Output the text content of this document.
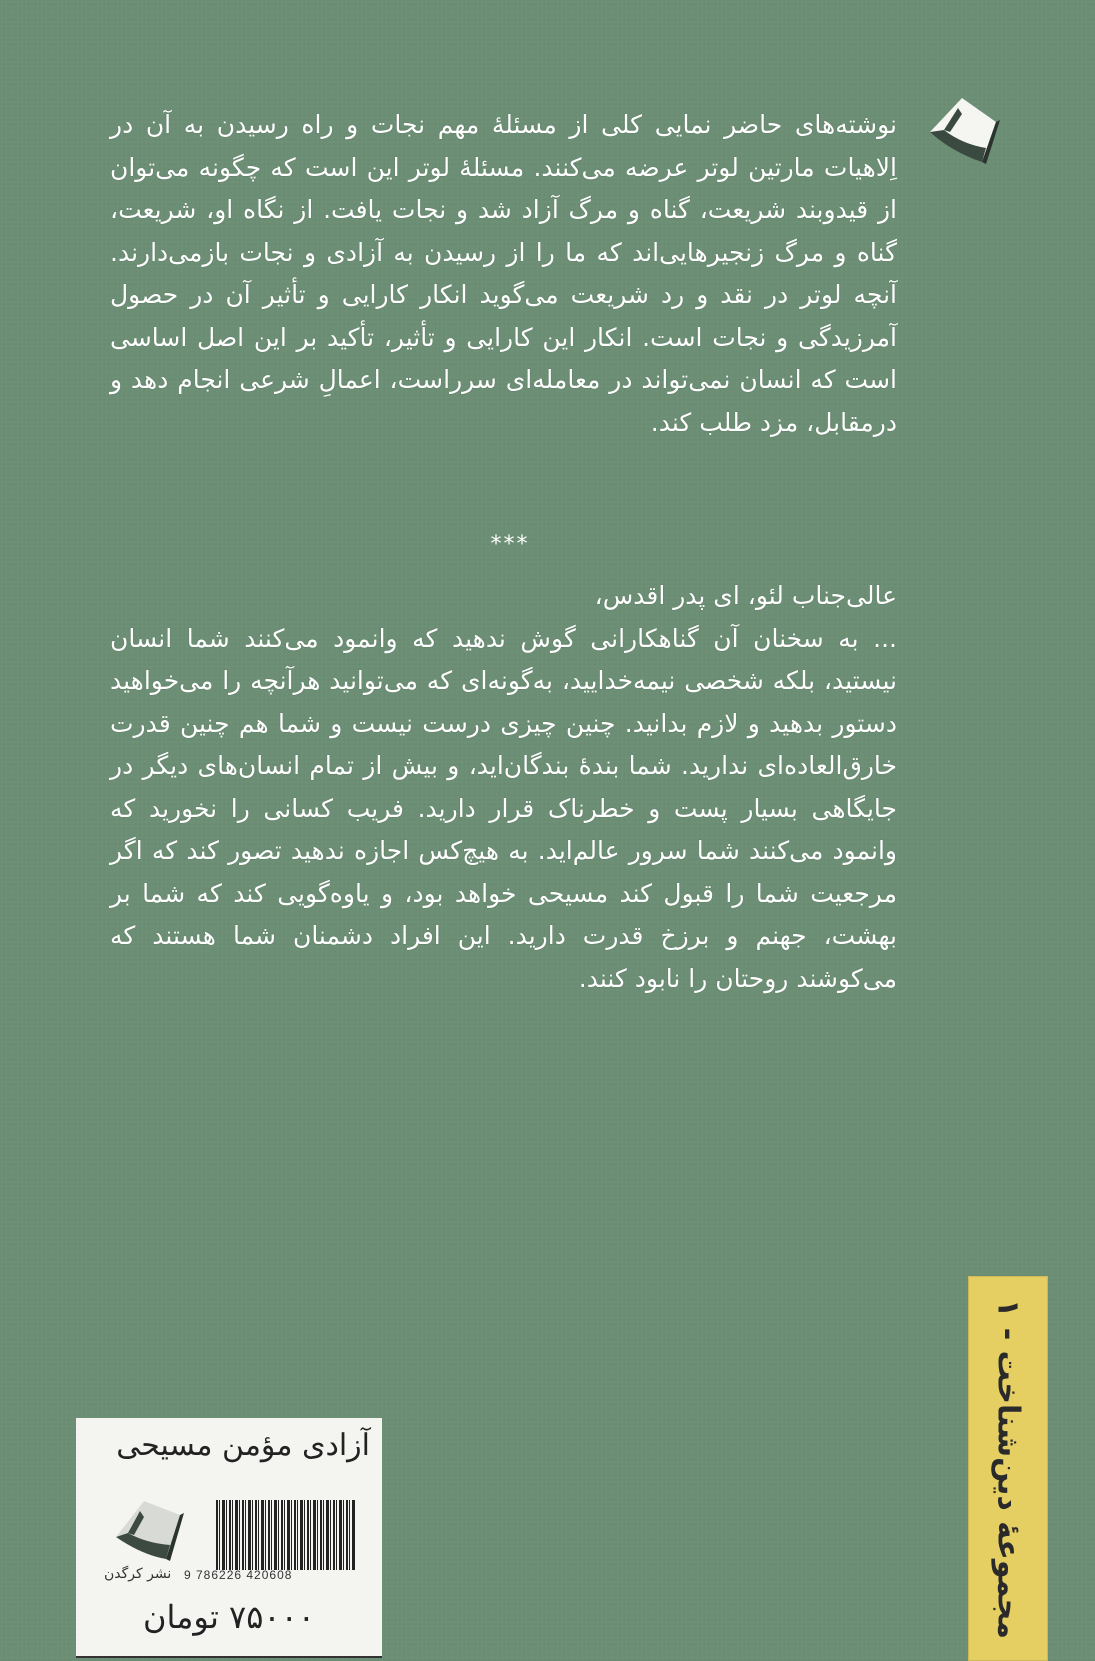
نوشته‌های حاضر نمایی کلی از مسئلهٔ مهم نجات و راه رسیدن به آن در اِلاهیات مارتین لوتر عرضه می‌کنند. مسئلهٔ لوتر این است که چگونه می‌توان از قیدوبند شریعت، گناه و مرگ آزاد شد و نجات یافت. از نگاه او، شریعت، گناه و مرگ زنجیرهایی‌اند که ما را از رسیدن به آزادی و نجات بازمی‌دارند. آنچه لوتر در نقد و رد شریعت می‌گوید انکار کارایی و تأثیر آن در حصول آمرزیدگی و نجات است. انکار این کارایی و تأثیر، تأکید بر این اصل اساسی است که انسان نمی‌تواند در معامله‌ای سرراست، اعمالِ شرعی انجام دهد و درمقابل، مزد طلب کند.

***

عالی‌جناب لئو، ای پدر اقدس،

... به سخنان آن گناهکارانی گوش ندهید که وانمود می‌کنند شما انسان نیستید، بلکه شخصی نیمه‌خدایید، به‌گونه‌ای که می‌توانید هرآنچه را می‌خواهید دستور بدهید و لازم بدانید. چنین چیزی درست نیست و شما هم چنین قدرت خارق‌العاده‌ای ندارید. شما بندهٔ بندگان‌اید، و بیش از تمام انسان‌های دیگر در جایگاهی بسیار پست و خطرناک قرار دارید. فریب کسانی را نخورید که وانمود می‌کنند شما سرور عالم‌اید. به هیچ‌کس اجازه ندهید تصور کند که اگر مرجعیت شما را قبول کند مسیحی خواهد بود، و یاوه‌گویی کند که شما بر بهشت، جهنم و برزخ قدرت دارید. این افراد دشمنان شما هستند که می‌کوشند روحتان را نابود کنند.

آزادی مؤمن مسیحی
9 786226 420608
نشر کرگدن
۷۵۰۰۰ تومان
مجموعهٔ دین‌شناخت - ۱
